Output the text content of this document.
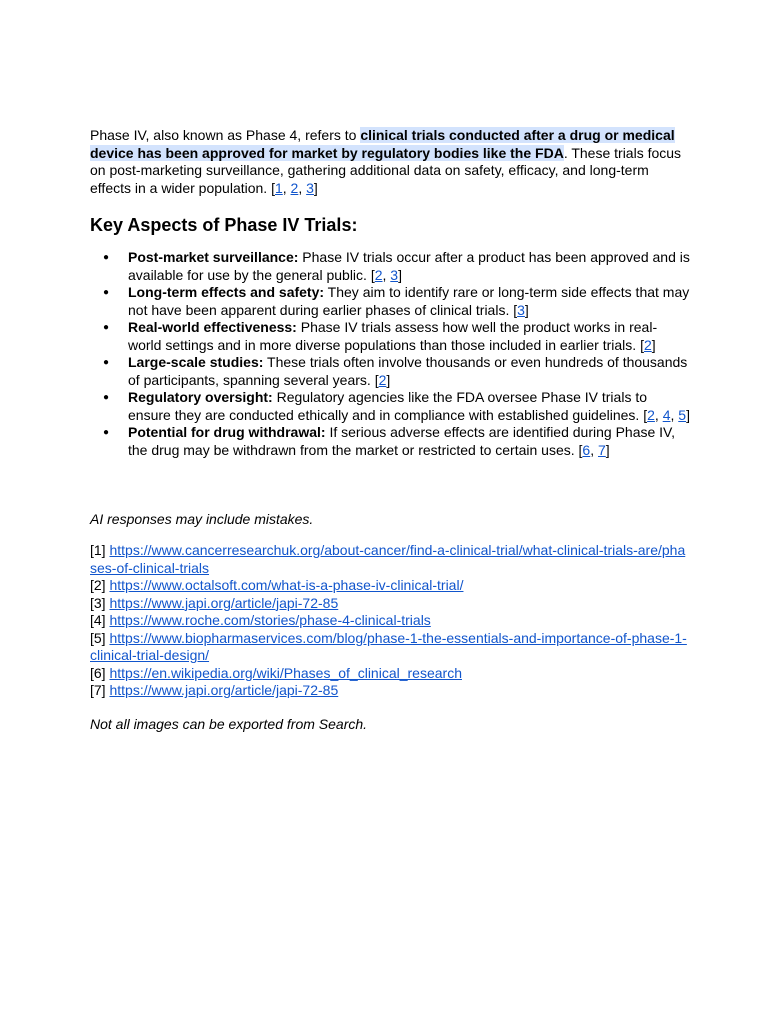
Phase IV, also known as Phase 4, refers to clinical trials conducted after a drug or medical device has been approved for market by regulatory bodies like the FDA. These trials focus on post-marketing surveillance, gathering additional data on safety, efficacy, and long-term effects in a wider population. [1, 2, 3]

Key Aspects of Phase IV Trials:
● Post-market surveillance: Phase IV trials occur after a product has been approved and is available for use by the general public. [2, 3]
● Long-term effects and safety: They aim to identify rare or long-term side effects that may not have been apparent during earlier phases of clinical trials. [3]
● Real-world effectiveness: Phase IV trials assess how well the product works in real-world settings and in more diverse populations than those included in earlier trials. [2]
● Large-scale studies: These trials often involve thousands or even hundreds of thousands of participants, spanning several years. [2]
● Regulatory oversight: Regulatory agencies like the FDA oversee Phase IV trials to ensure they are conducted ethically and in compliance with established guidelines. [2, 4, 5]
● Potential for drug withdrawal: If serious adverse effects are identified during Phase IV, the drug may be withdrawn from the market or restricted to certain uses. [6, 7]

AI responses may include mistakes.

[1] https://www.cancerresearchuk.org/about-cancer/find-a-clinical-trial/what-clinical-trials-are/phases-of-clinical-trials
[2] https://www.octalsoft.com/what-is-a-phase-iv-clinical-trial/
[3] https://www.japi.org/article/japi-72-85
[4] https://www.roche.com/stories/phase-4-clinical-trials
[5] https://www.biopharmaservices.com/blog/phase-1-the-essentials-and-importance-of-phase-1-clinical-trial-design/
[6] https://en.wikipedia.org/wiki/Phases_of_clinical_research
[7] https://www.japi.org/article/japi-72-85

Not all images can be exported from Search.
